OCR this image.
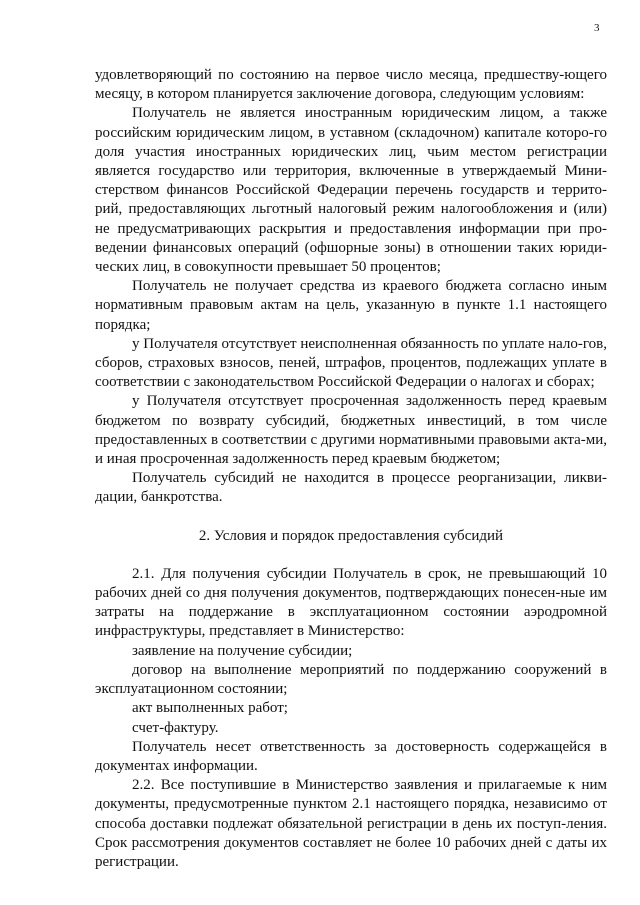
3

удовлетворяющий по состоянию на первое число месяца, предшеству-ющего месяцу, в котором планируется заключение договора, следующим условиям:

Получатель не является иностранным юридическим лицом, а также российским юридическим лицом, в уставном (складочном) капитале которо-го доля участия иностранных юридических лиц, чьим местом регистрации является государство или территория, включенные в утверждаемый Мини-стерством финансов Российской Федерации перечень государств и террито-рий, предоставляющих льготный налоговый режим налогообложения и (или) не предусматривающих раскрытия и предоставления информации при про-ведении финансовых операций (офшорные зоны) в отношении таких юриди-ческих лиц, в совокупности превышает 50 процентов;

Получатель не получает средства из краевого бюджета согласно иным нормативным правовым актам на цель, указанную в пункте 1.1 настоящего порядка;

у Получателя отсутствует неисполненная обязанность по уплате нало-гов, сборов, страховых взносов, пеней, штрафов, процентов, подлежащих уплате в соответствии с законодательством Российской Федерации о налогах и сборах;

у Получателя отсутствует просроченная задолженность перед краевым бюджетом по возврату субсидий, бюджетных инвестиций, в том числе предоставленных в соответствии с другими нормативными правовыми акта-ми, и иная просроченная задолженность перед краевым бюджетом;

Получатель субсидий не находится в процессе реорганизации, ликви-дации, банкротства.

2. Условия и порядок предоставления субсидий

2.1. Для получения субсидии Получатель в срок, не превышающий 10 рабочих дней со дня получения документов, подтверждающих понесен-ные им затраты на поддержание в эксплуатационном состоянии аэродромной инфраструктуры, представляет в Министерство:

заявление на получение субсидии;

договор на выполнение мероприятий по поддержанию сооружений в эксплуатационном состоянии;

акт выполненных работ;

счет-фактуру.

Получатель несет ответственность за достоверность содержащейся в документах информации.

2.2. Все поступившие в Министерство заявления и прилагаемые к ним документы, предусмотренные пунктом 2.1 настоящего порядка, независимо от способа доставки подлежат обязательной регистрации в день их поступ-ления. Срок рассмотрения документов составляет не более 10 рабочих дней с даты их регистрации.
